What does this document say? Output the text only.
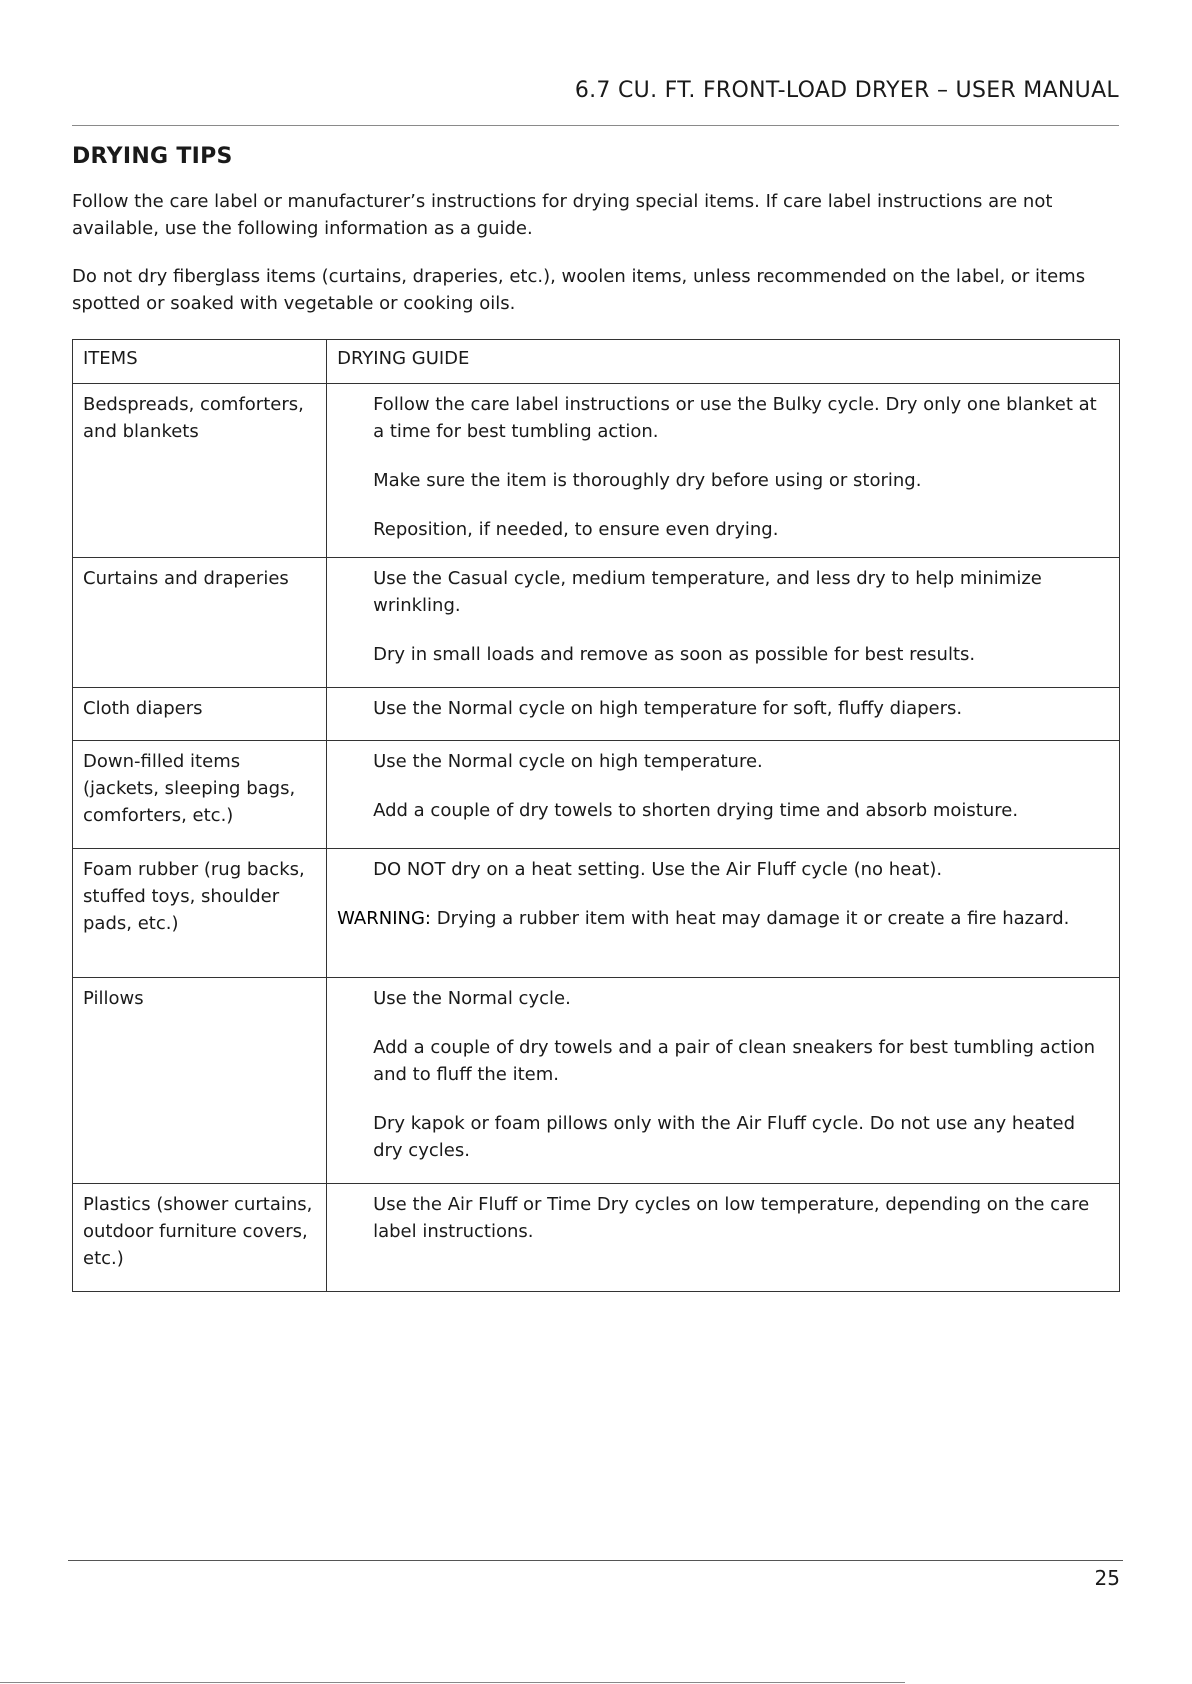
6.7 CU. FT. FRONT-LOAD DRYER – USER MANUAL
DRYING TIPS

Follow the care label or manufacturer’s instructions for drying special items. If care label instructions are not available, use the following information as a guide.

Do not dry fiberglass items (curtains, draperies, etc.), woolen items, unless recommended on the label, or items spotted or soaked with vegetable or cooking oils.

ITEMS	DRYING GUIDE
Bedspreads, comforters, and blankets	Follow the care label instructions or use the Bulky cycle. Dry only one blanket at a time for best tumbling action.

Make sure the item is thoroughly dry before using or storing.

Reposition, if needed, to ensure even drying.

Curtains and draperies	Use the Casual cycle, medium temperature, and less dry to help minimize wrinkling.

Dry in small loads and remove as soon as possible for best results.

Cloth diapers	Use the Normal cycle on high temperature for soft, fluffy diapers.

Down-filled items (jackets, sleeping bags, comforters, etc.)	Use the Normal cycle on high temperature.

Add a couple of dry towels to shorten drying time and absorb moisture.

Foam rubber (rug backs, stuffed toys, shoulder pads, etc.)	DO NOT dry on a heat setting. Use the Air Fluff cycle (no heat).

WARNING: Drying a rubber item with heat may damage it or create a fire hazard.

Pillows	Use the Normal cycle.

Add a couple of dry towels and a pair of clean sneakers for best tumbling action and to fluff the item.

Dry kapok or foam pillows only with the Air Fluff cycle. Do not use any heated dry cycles.

Plastics (shower curtains, outdoor furniture covers, etc.)	Use the Air Fluff or Time Dry cycles on low temperature, depending on the care label instructions.

25
